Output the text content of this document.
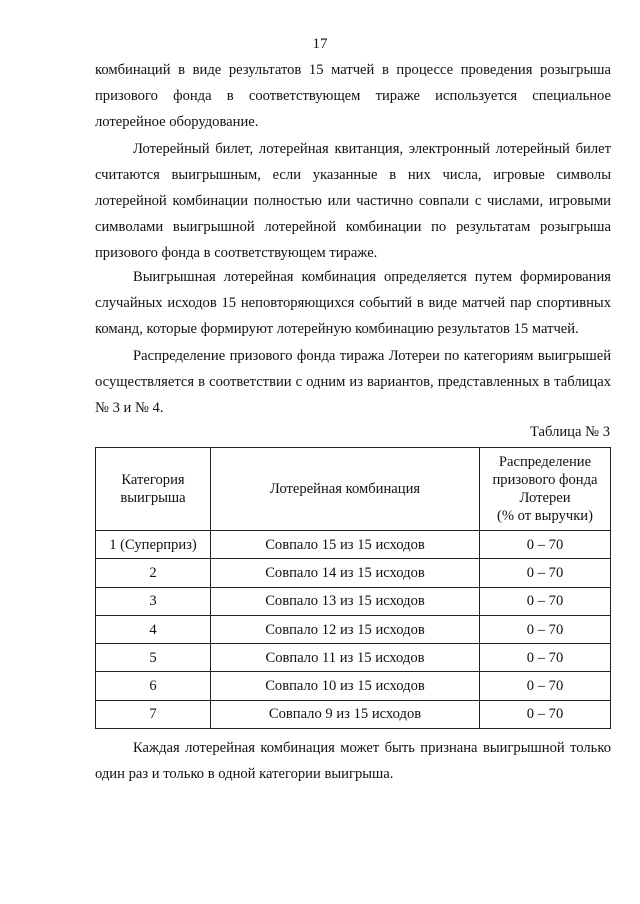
17

комбинаций в виде результатов 15 матчей в процессе проведения розыгрыша призового фонда в соответствующем тираже используется специальное лотерейное оборудование.

Лотерейный билет, лотерейная квитанция, электронный лотерейный билет считаются выигрышным, если указанные в них числа, игровые символы лотерейной комбинации полностью или частично совпали с числами, игровыми символами выигрышной лотерейной комбинации по результатам розыгрыша призового фонда в соответствующем тираже.

Выигрышная лотерейная комбинация определяется путем формирования случайных исходов 15 неповторяющихся событий в виде матчей пар спортивных команд, которые формируют лотерейную комбинацию результатов 15 матчей.

Распределение призового фонда тиража Лотереи по категориям выигрышей осуществляется в соответствии с одним из вариантов, представленных в таблицах № 3 и № 4.

Таблица № 3
Категория
выигрыша	Лотерейная комбинация	Распределение
призового фонда
Лотереи
(% от выручки)
1 (Суперприз)	Совпало 15 из 15 исходов	0 – 70
2	Совпало 14 из 15 исходов	0 – 70
3	Совпало 13 из 15 исходов	0 – 70
4	Совпало 12 из 15 исходов	0 – 70
5	Совпало 11 из 15 исходов	0 – 70
6	Совпало 10 из 15 исходов	0 – 70
7	Совпало 9 из 15 исходов	0 – 70

Каждая лотерейная комбинация может быть признана выигрышной только один раз и только в одной категории выигрыша.
